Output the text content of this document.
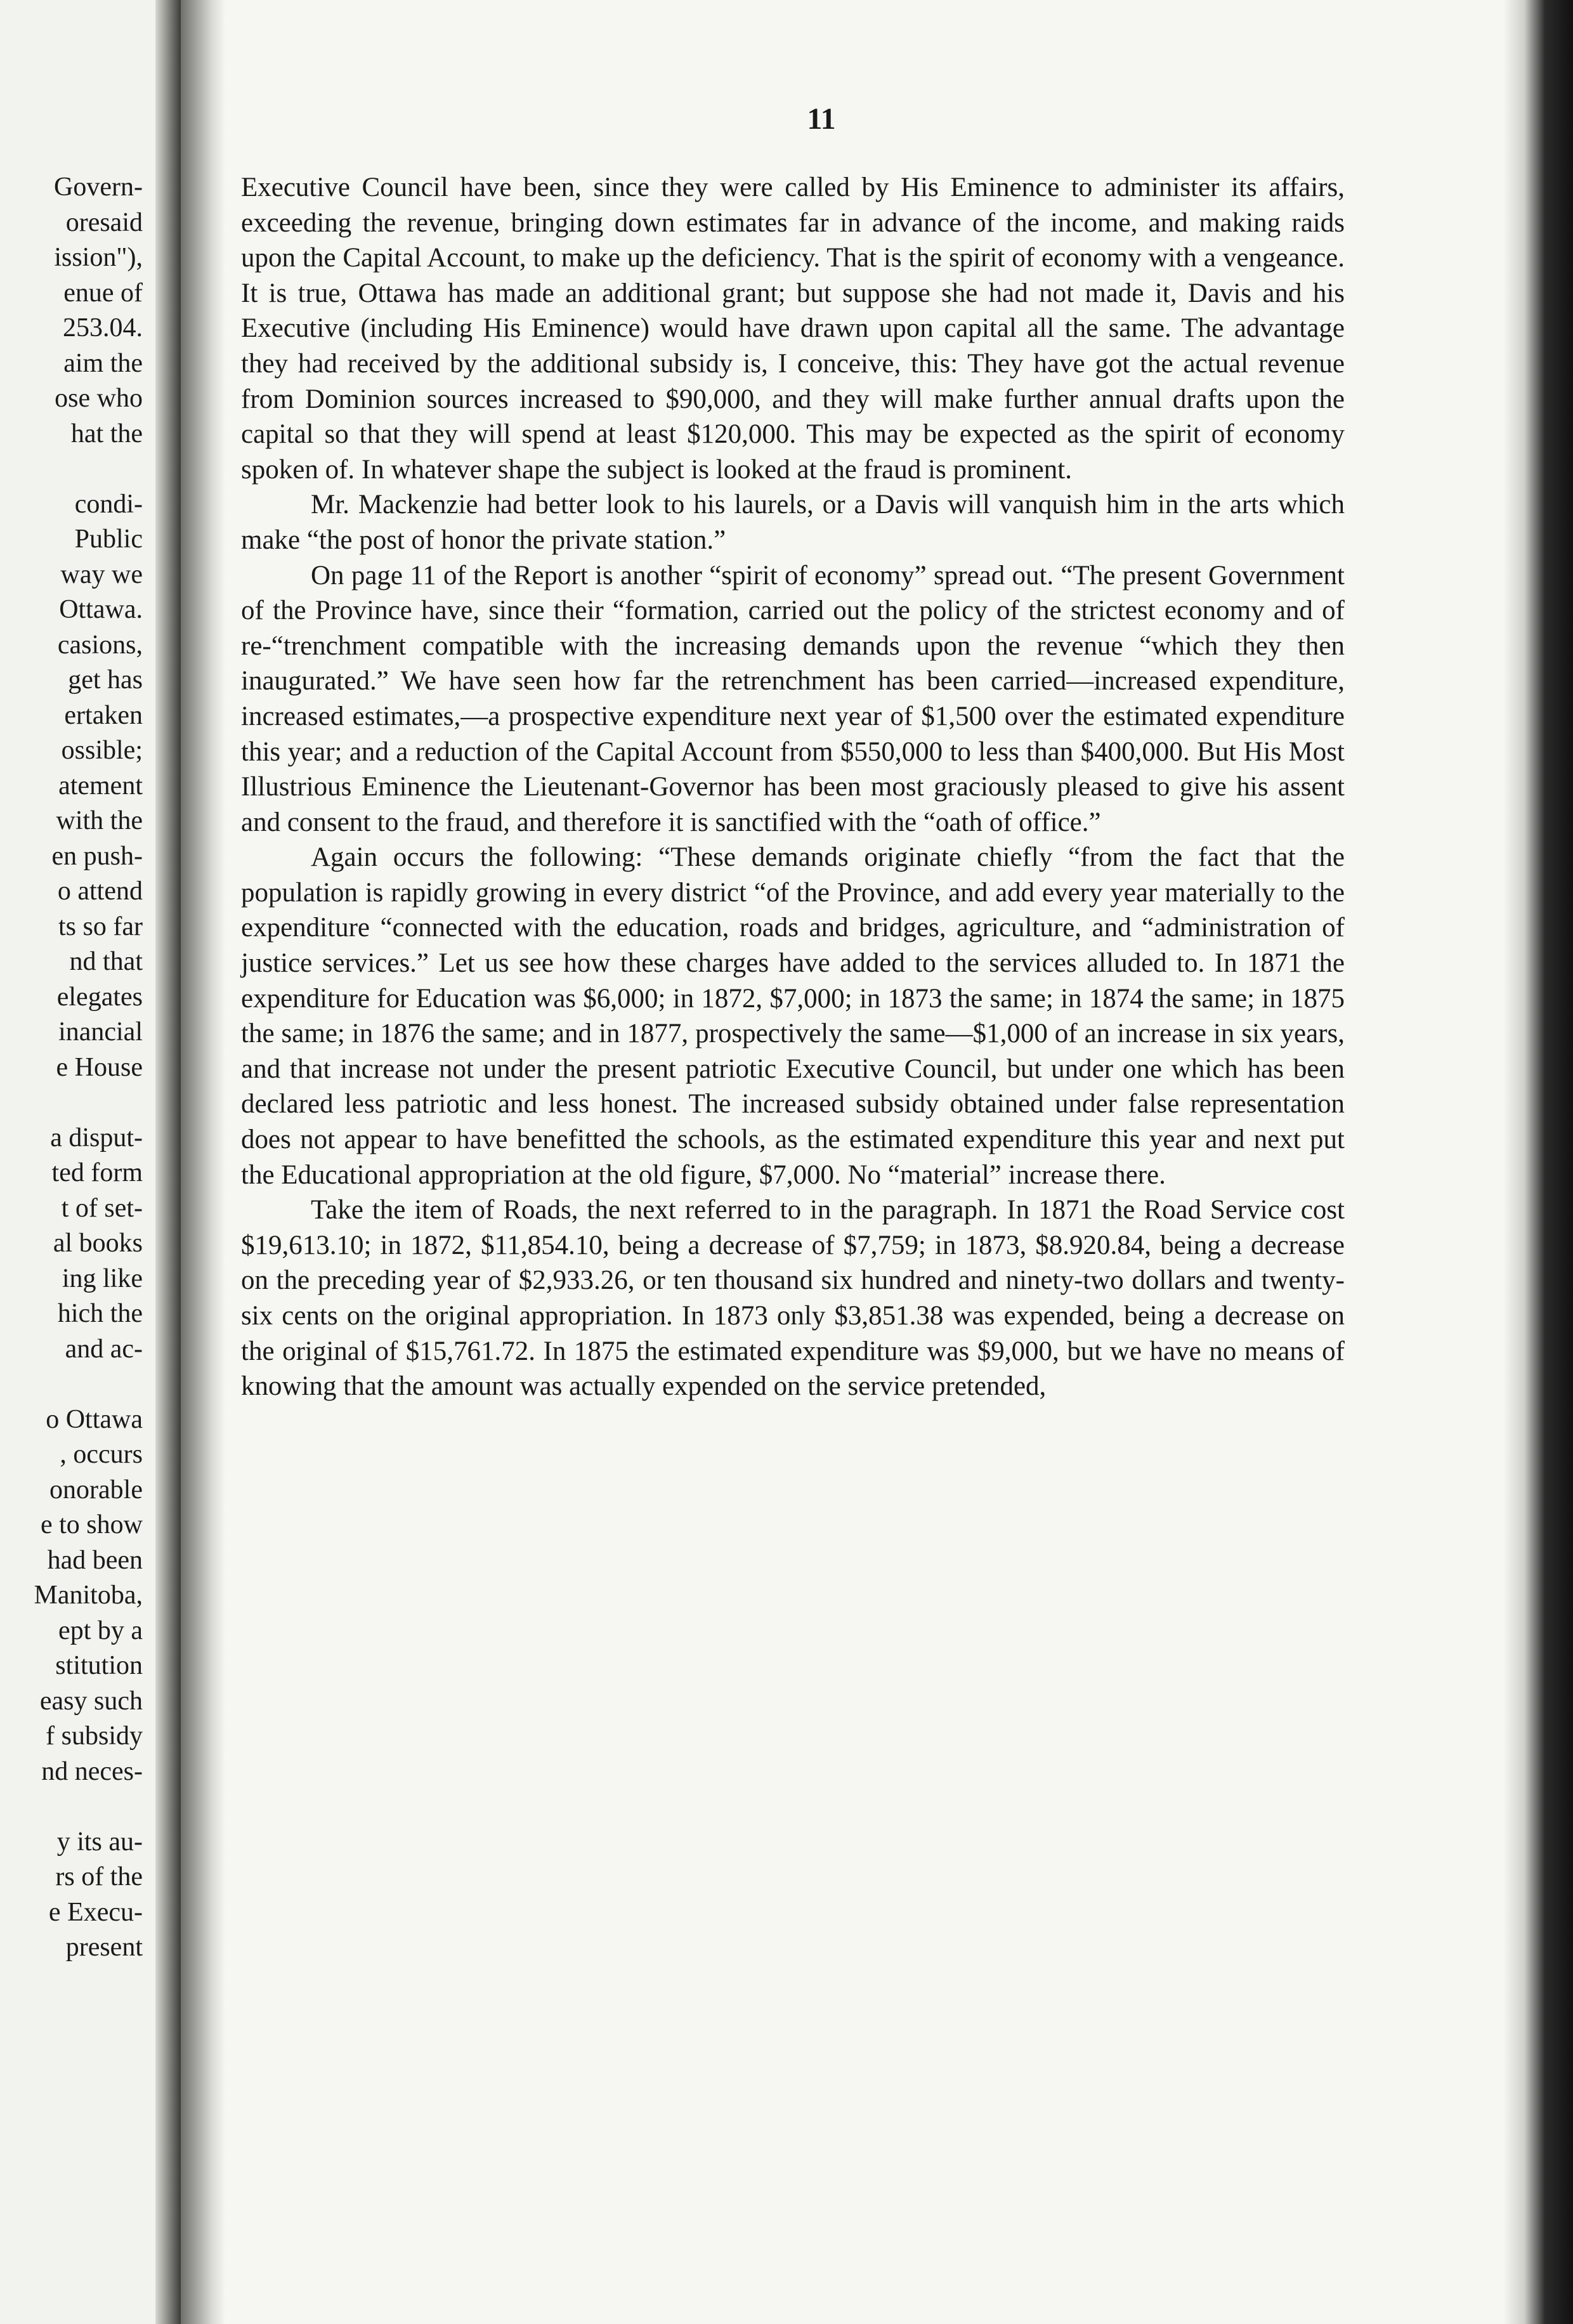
Govern-
oresaid
ission"),
enue of
253.04.
aim the
ose who
hat the
condi-
Public
way we
Ottawa.
casions,
get has
ertaken
ossible;
atement
with the
en push-
o attend
ts so far
nd that
elegates
inancial
e House
a disput-
ted form
t of set-
al books
ing like
hich the
and ac-
o Ottawa
, occurs
onorable
e to show
had been
Manitoba,
ept by a
stitution
easy such
f subsidy
nd neces-
y its au-
rs of the
e Execu-
present
11

Executive Council have been, since they were called by His Eminence to administer its affairs, exceeding the revenue, bringing down estimates far in advance of the income, and making raids upon the Capital Account, to make up the deficiency. That is the spirit of economy with a vengeance. It is true, Ottawa has made an additional grant; but suppose she had not made it, Davis and his Executive (including His Eminence) would have drawn upon capital all the same. The advantage they had received by the additional subsidy is, I conceive, this: They have got the actual revenue from Dominion sources increased to $90,000, and they will make further annual drafts upon the capital so that they will spend at least $120,000. This may be expected as the spirit of economy spoken of. In whatever shape the subject is looked at the fraud is prominent.

Mr. Mackenzie had better look to his laurels, or a Davis will vanquish him in the arts which make “the post of honor the private station.”

On page 11 of the Report is another “spirit of economy” spread out. “The present Government of the Province have, since their “formation, carried out the policy of the strictest economy and of re-“trenchment compatible with the increasing demands upon the revenue “which they then inaugurated.” We have seen how far the retrenchment has been carried—increased expenditure, increased estimates,—a prospective expenditure next year of $1,500 over the estimated expenditure this year; and a reduction of the Capital Account from $550,000 to less than $400,000. But His Most Illustrious Eminence the Lieutenant-Governor has been most graciously pleased to give his assent and consent to the fraud, and therefore it is sanctified with the “oath of office.”

Again occurs the following: “These demands originate chiefly “from the fact that the population is rapidly growing in every district “of the Province, and add every year materially to the expenditure “connected with the education, roads and bridges, agriculture, and “administration of justice services.” Let us see how these charges have added to the services alluded to. In 1871 the expenditure for Education was $6,000; in 1872, $7,000; in 1873 the same; in 1874 the same; in 1875 the same; in 1876 the same; and in 1877, prospectively the same—$1,000 of an increase in six years, and that increase not under the present patriotic Executive Council, but under one which has been declared less patriotic and less honest. The increased subsidy obtained under false representation does not appear to have benefitted the schools, as the estimated expenditure this year and next put the Educational appropriation at the old figure, $7,000. No “material” increase there.

Take the item of Roads, the next referred to in the paragraph. In 1871 the Road Service cost $19,613.10; in 1872, $11,854.10, being a decrease of $7,759; in 1873, $8.920.84, being a decrease on the preceding year of $2,933.26, or ten thousand six hundred and ninety-two dollars and twenty-six cents on the original appropriation. In 1873 only $3,851.38 was expended, being a decrease on the original of $15,761.72. In 1875 the estimated expenditure was $9,000, but we have no means of knowing that the amount was actually expended on the service pretended,
